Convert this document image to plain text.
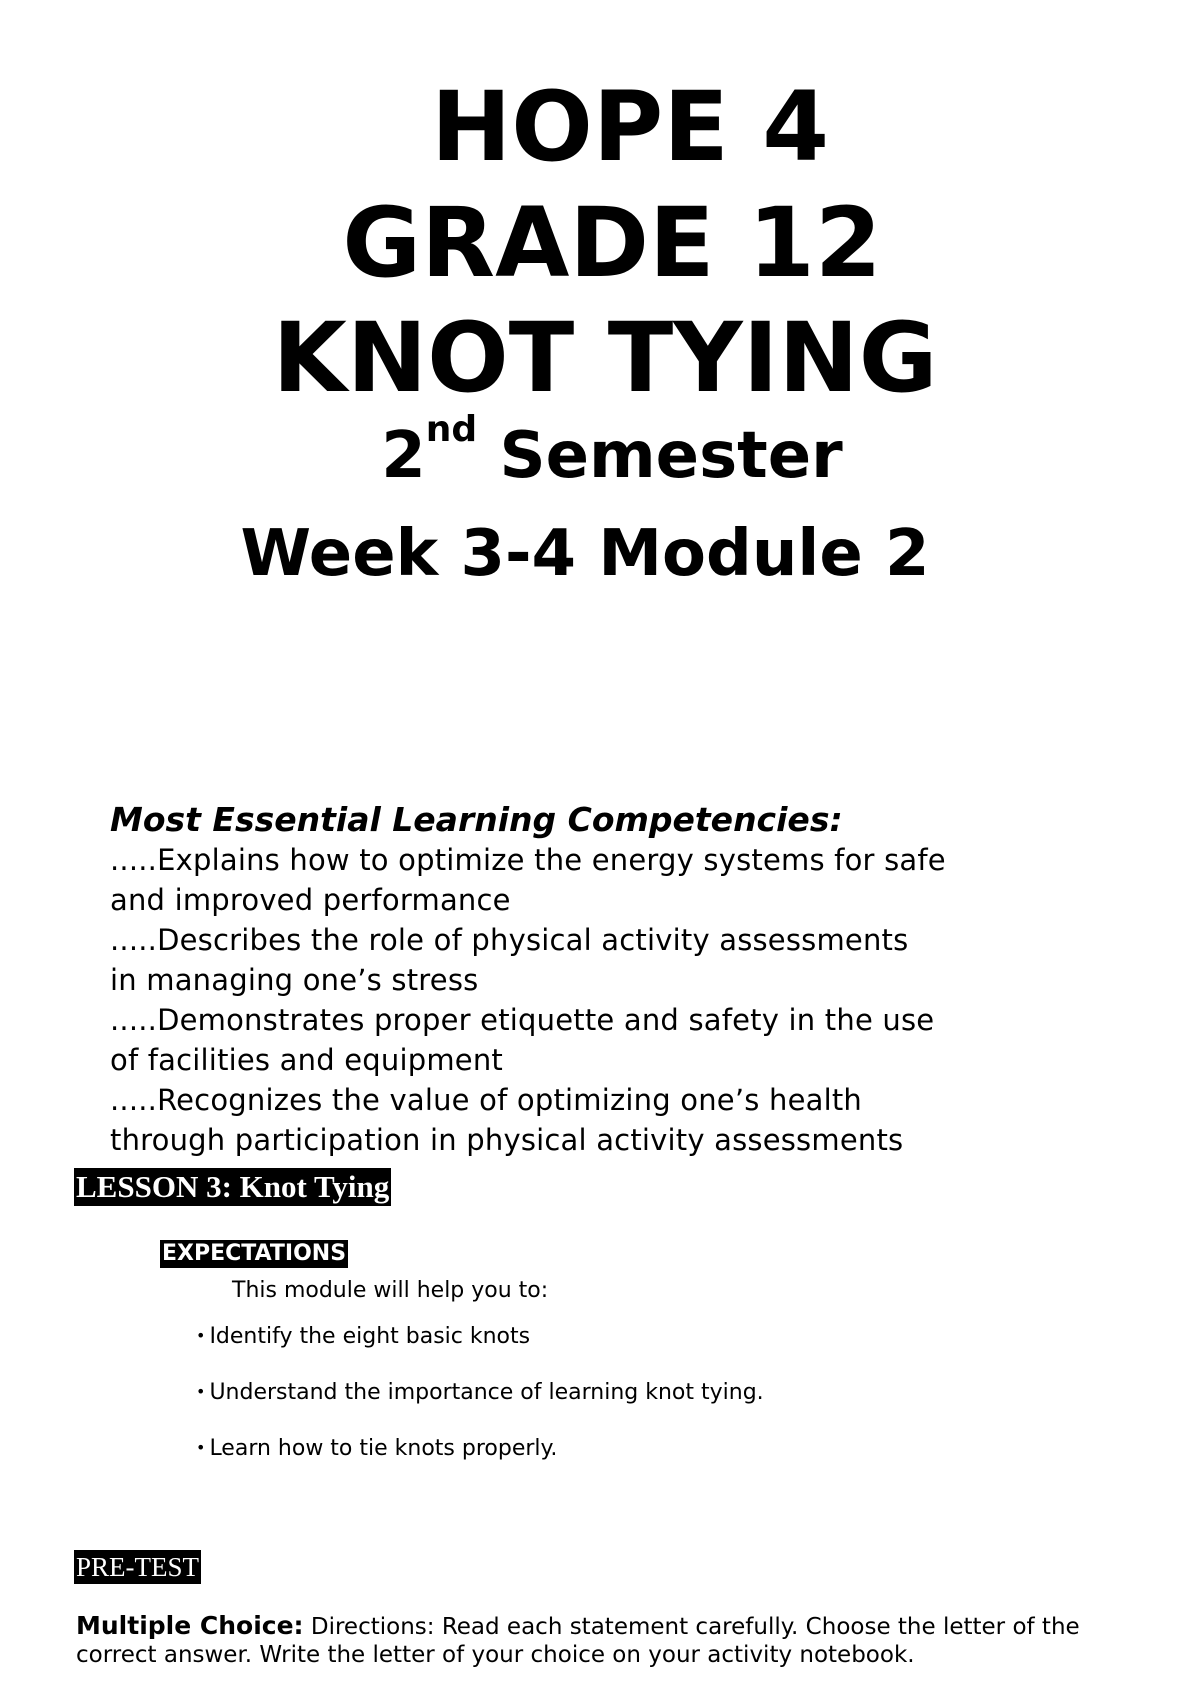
HOPE 4
GRADE 12
KNOT TYING
2nd Semester
Week 3-4 Module 2

Most Essential Learning Competencies:

.....Explains how to optimize the energy systems for safe
and improved performance
.....Describes the role of physical activity assessments
in managing one’s stress
.....Demonstrates proper etiquette and safety in the use
of facilities and equipment
.....Recognizes the value of optimizing one’s health
through participation in physical activity assessments
LESSON 3: Knot Tying
EXPECTATIONS
This module will help you to:
• Identify the eight basic knots
• Understand the importance of learning knot tying.
• Learn how to tie knots properly.
PRE-TEST

Multiple Choice: Directions: Read each statement carefully. Choose the letter of the correct answer. Write the letter of your choice on your activity notebook.
